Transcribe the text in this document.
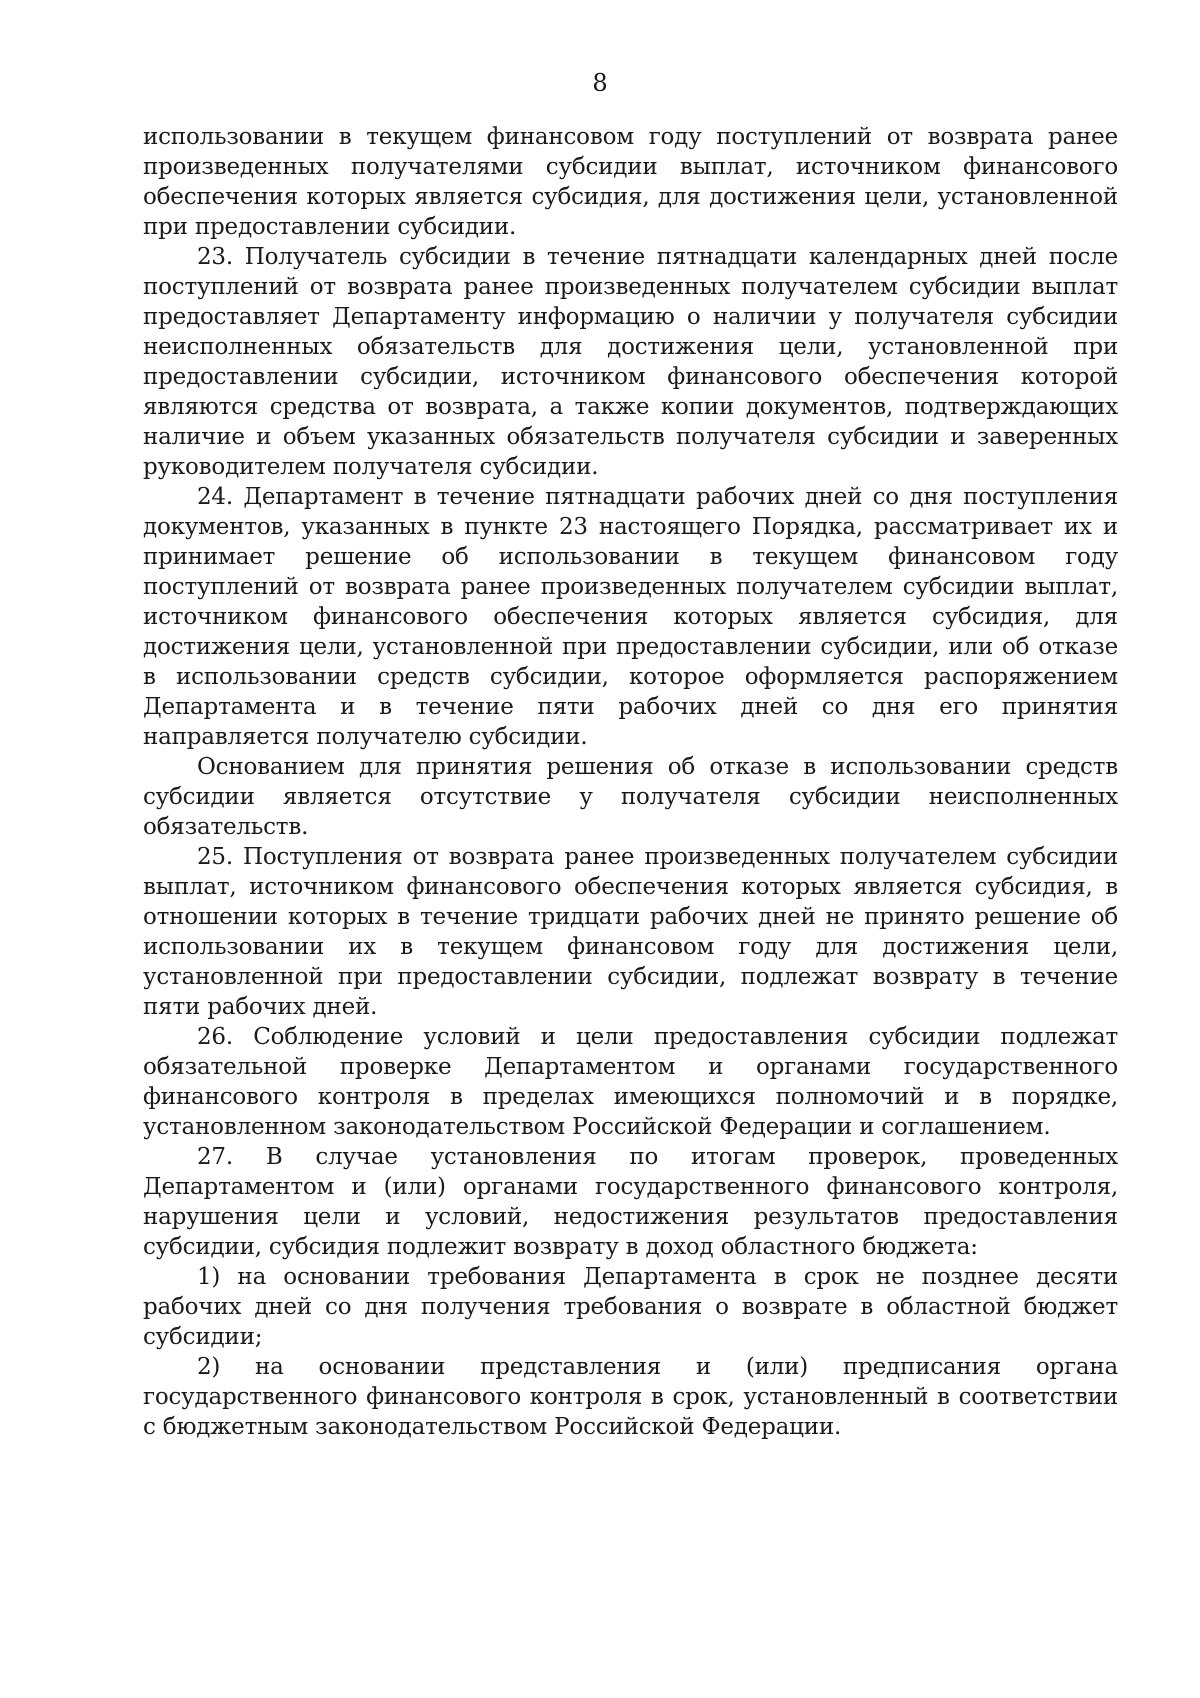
8

использовании в текущем финансовом году поступлений от возврата ранее произведенных получателями субсидии выплат, источником финансового обеспечения которых является субсидия, для достижения цели, установленной при предоставлении субсидии.

23. Получатель субсидии в течение пятнадцати календарных дней после поступлений от возврата ранее произведенных получателем субсидии выплат предоставляет Департаменту информацию о наличии у получателя субсидии неисполненных обязательств для достижения цели, установленной при предоставлении субсидии, источником финансового обеспечения которой являются средства от возврата, а также копии документов, подтверждающих наличие и объем указанных обязательств получателя субсидии и заверенных руководителем получателя субсидии.

24. Департамент в течение пятнадцати рабочих дней со дня поступления документов, указанных в пункте 23 настоящего Порядка, рассматривает их и принимает решение об использовании в текущем финансовом году поступлений от возврата ранее произведенных получателем субсидии выплат, источником финансового обеспечения которых является субсидия, для достижения цели, установленной при предоставлении субсидии, или об отказе в использовании средств субсидии, которое оформляется распоряжением Департамента и в течение пяти рабочих дней со дня его принятия направляется получателю субсидии.

Основанием для принятия решения об отказе в использовании средств субсидии является отсутствие у получателя субсидии неисполненных обязательств.

25. Поступления от возврата ранее произведенных получателем субсидии выплат, источником финансового обеспечения которых является субсидия, в отношении которых в течение тридцати рабочих дней не принято решение об использовании их в текущем финансовом году для достижения цели, установленной при предоставлении субсидии, подлежат возврату в течение пяти рабочих дней.

26. Соблюдение условий и цели предоставления субсидии подлежат обязательной проверке Департаментом и органами государственного финансового контроля в пределах имеющихся полномочий и в порядке, установленном законодательством Российской Федерации и соглашением.

27. В случае установления по итогам проверок, проведенных Департаментом и (или) органами государственного финансового контроля, нарушения цели и условий, недостижения результатов предоставления субсидии, субсидия подлежит возврату в доход областного бюджета:

1) на основании требования Департамента в срок не позднее десяти рабочих дней со дня получения требования о возврате в областной бюджет субсидии;

2) на основании представления и (или) предписания органа государственного финансового контроля в срок, установленный в соответствии с бюджетным законодательством Российской Федерации.
